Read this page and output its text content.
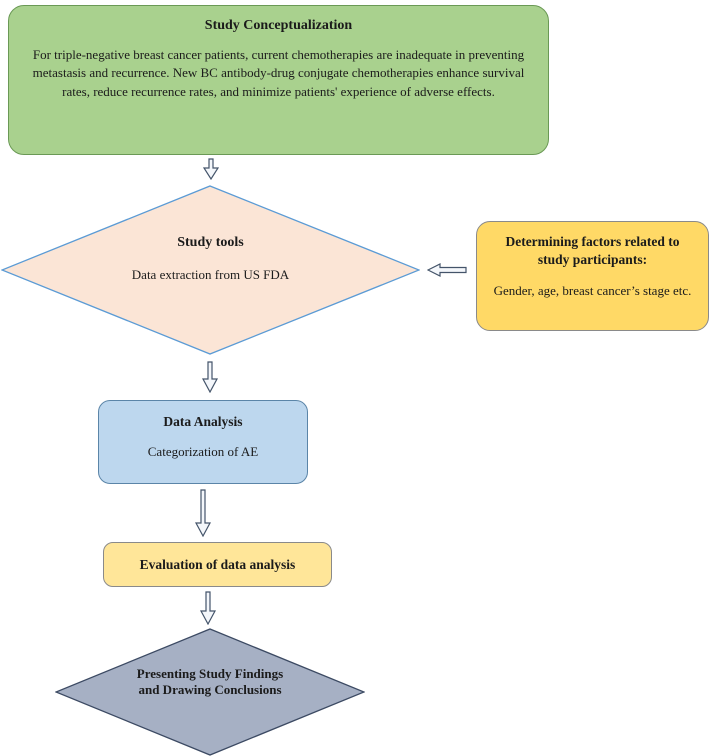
Study Conceptualization
For triple-negative breast cancer patients, current chemotherapies are inadequate in preventing metastasis and recurrence. New BC antibody-drug conjugate chemotherapies enhance survival rates, reduce recurrence rates, and minimize patients' experience of adverse effects.
Study tools
Data extraction from US FDA
Determining factors related to study participants:
Gender, age, breast cancer’s stage etc.
Data Analysis
Categorization of AE
Evaluation of data analysis
Presenting Study Findings and Drawing Conclusions
